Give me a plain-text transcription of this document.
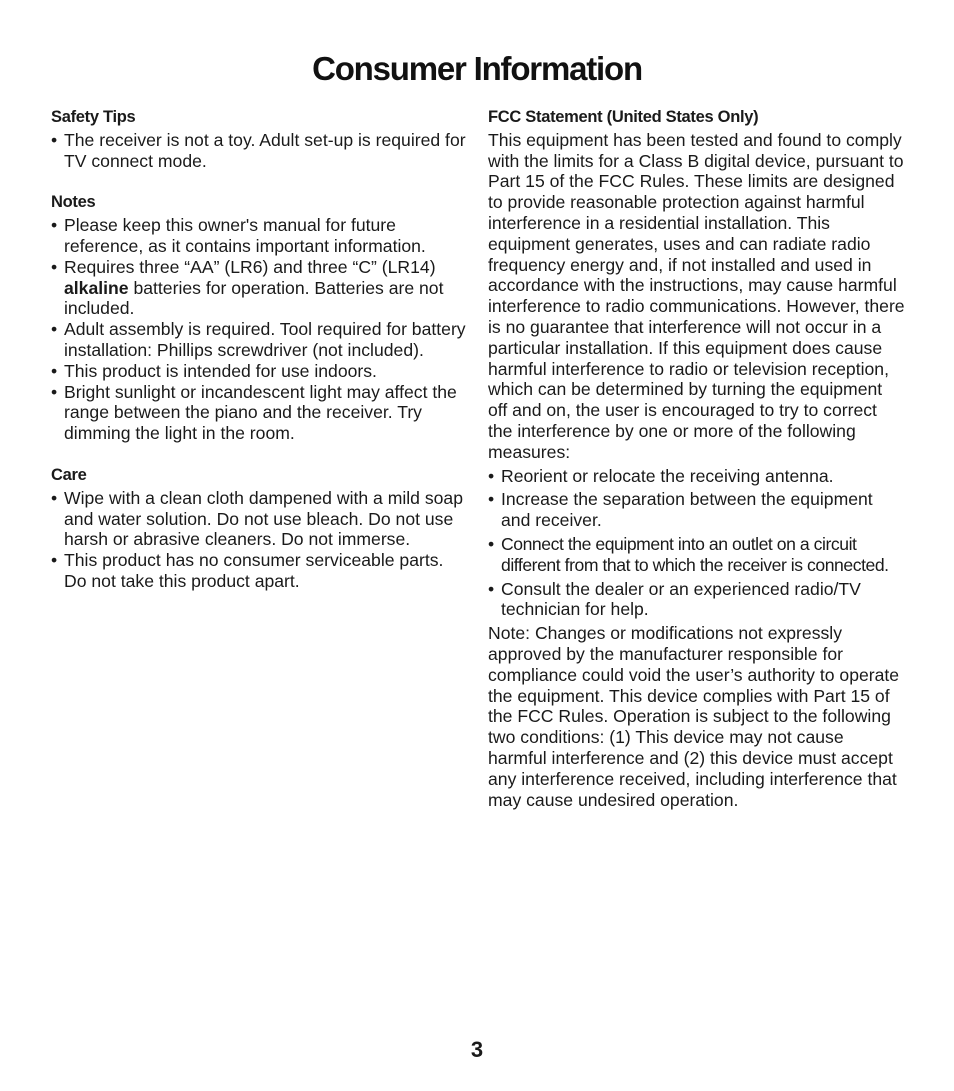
Consumer Information
Safety Tips
• The receiver is not a toy. Adult set-up is required for TV connect mode.
Notes
• Please keep this owner's manual for future reference, as it contains important information.
• Requires three “AA” (LR6) and three “C” (LR14) alkaline batteries for operation. Batteries are not included.
• Adult assembly is required. Tool required for battery installation: Phillips screwdriver (not included).
• This product is intended for use indoors.
• Bright sunlight or incandescent light may affect the range between the piano and the receiver. Try dimming the light in the room.
Care
• Wipe with a clean cloth dampened with a mild soap and water solution. Do not use bleach. Do not use harsh or abrasive cleaners. Do not immerse.
• This product has no consumer serviceable parts. Do not take this product apart.
FCC Statement (United States Only)

This equipment has been tested and found to comply with the limits for a Class B digital device, pursuant to Part 15 of the FCC Rules. These limits are designed to provide reasonable protection against harmful interference in a residential installation. This equipment generates, uses and can radiate radio frequency energy and, if not installed and used in accordance with the instructions, may cause harmful interference to radio communications. However, there is no guarantee that interference will not occur in a particular installation. If this equipment does cause harmful interference to radio or television reception, which can be determined by turning the equipment off and on, the user is encouraged to try to correct the interference by one or more of the following measures:

• Reorient or relocate the receiving antenna.
• Increase the separation between the equipment and receiver.
• Connect the equipment into an outlet on a circuit different from that to which the receiver is connected.
• Consult the dealer or an experienced radio/TV technician for help.

Note: Changes or modifications not expressly approved by the manufacturer responsible for compliance could void the user’s authority to operate the equipment. This device complies with Part 15 of the FCC Rules. Operation is subject to the following two conditions: (1) This device may not cause harmful interference and (2) this device must accept any interference received, including interference that may cause undesired operation.

3
